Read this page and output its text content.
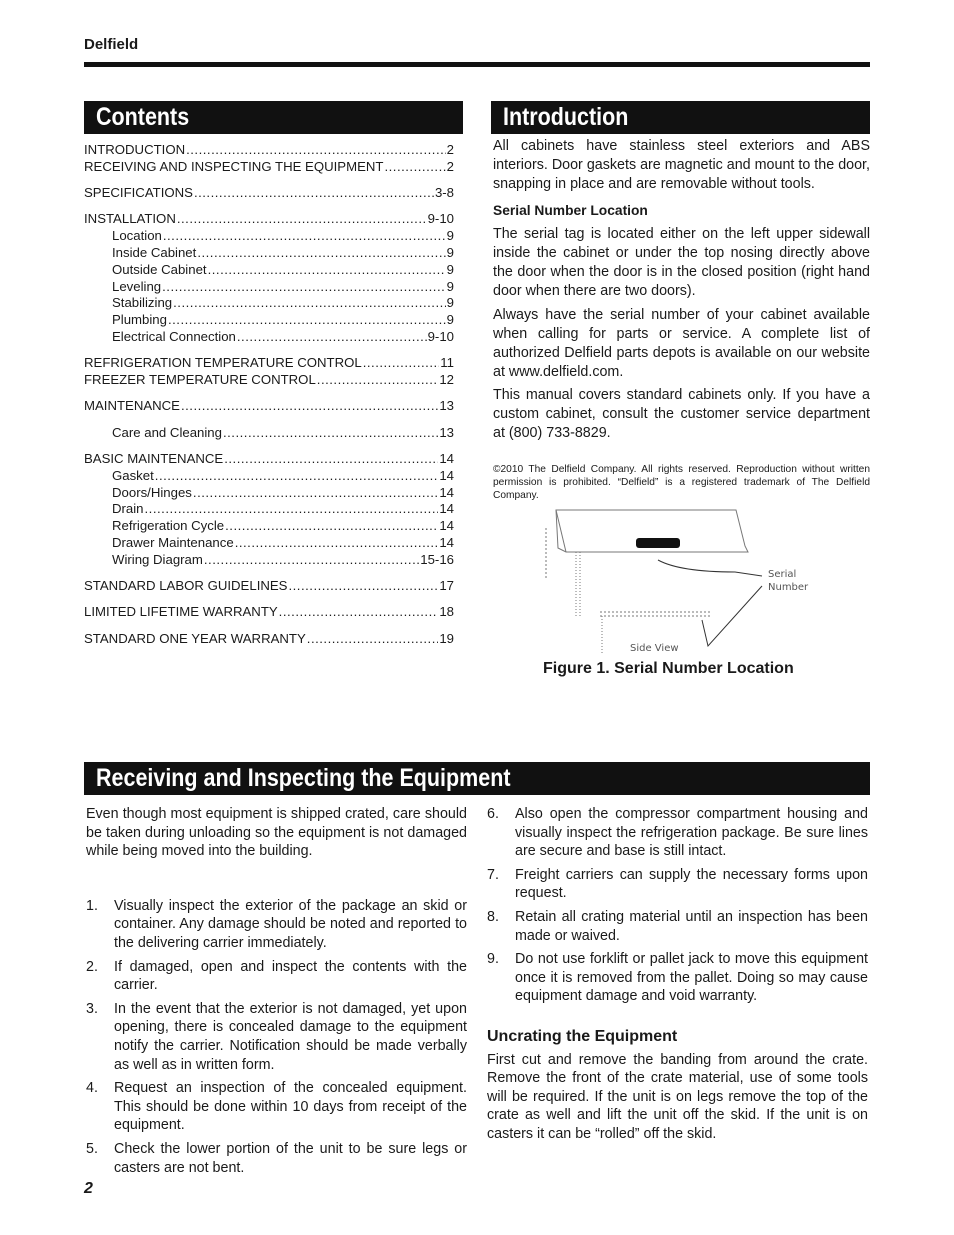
Delfield
Contents
INTRODUCTION .....	2
RECEIVING AND INSPECTING THE EQUIPMENT .....	2
SPECIFICATIONS .....	3-8
INSTALLATION .....	9-10
Location .....	9
Inside Cabinet .....	9
Outside Cabinet .....	9
Leveling .....	9
Stabilizing .....	9
Plumbing .....	9
Electrical Connection .....	9-10
REFRIGERATION TEMPERATURE CONTROL .....	11
FREEZER TEMPERATURE CONTROL .....	12
MAINTENANCE .....	13
Care and Cleaning .....	13
BASIC MAINTENANCE .....	14
Gasket .....	14
Doors/Hinges .....	14
Drain .....	14
Refrigeration Cycle .....	14
Drawer Maintenance .....	14
Wiring Diagram .....	15-16
STANDARD LABOR GUIDELINES .....	17
LIMITED LIFETIME WARRANTY .....	18
STANDARD ONE YEAR WARRANTY .....	19
Introduction

All cabinets have stainless steel exteriors and ABS interiors. Door gaskets are magnetic and mount to the door, snapping in place and are removable without tools.

Serial Number Location

The serial tag is located either on the left upper sidewall inside the cabinet or under the top nosing directly above the door when the door is in the closed position (right hand door when there are two doors).

Always have the serial number of your cabinet available when calling for parts or service. A complete list of authorized Delfield parts depots is available on our website at www.delfield.com.

This manual covers standard cabinets only. If you have a custom cabinet, consult the customer service department at (800) 733-8829.

©2010 The Delfield Company. All rights reserved. Reproduction without written permission is prohibited. “Delfield” is a registered trademark of The Delfield Company.
Serial
Number
Side View
Figure 1. Serial Number Location
Receiving and Inspecting the Equipment

Even though most equipment is shipped crated, care should be taken during unloading so the equipment is not damaged while being moved into the building.

1.	Visually inspect the exterior of the package an skid or container. Any damage should be noted and reported to the delivering carrier immediately.
2.	If damaged, open and inspect the contents with the carrier.
3.	In the event that the exterior is not damaged, yet upon opening, there is concealed damage to the equipment notify the carrier. Notification should be made verbally as well as in written form.
4.	Request an inspection of the concealed equipment. This should be done within 10 days from receipt of the equipment.
5.	Check the lower portion of the unit to be sure legs or casters are not bent.
6.	Also open the compressor compartment housing and visually inspect the refrigeration package. Be sure lines are secure and base is still intact.
7.	Freight carriers can supply the necessary forms upon request.
8.	Retain all crating material until an inspection has been made or waived.
9.	Do not use forklift or pallet jack to move this equipment once it is removed from the pallet. Doing so may cause equipment damage and void warranty.
Uncrating the Equipment

First cut and remove the banding from around the crate. Remove the front of the crate material, use of some tools will be required. If the unit is on legs remove the top of the crate as well and lift the unit off the skid. If the unit is on casters it can be “rolled” off the skid.

2
